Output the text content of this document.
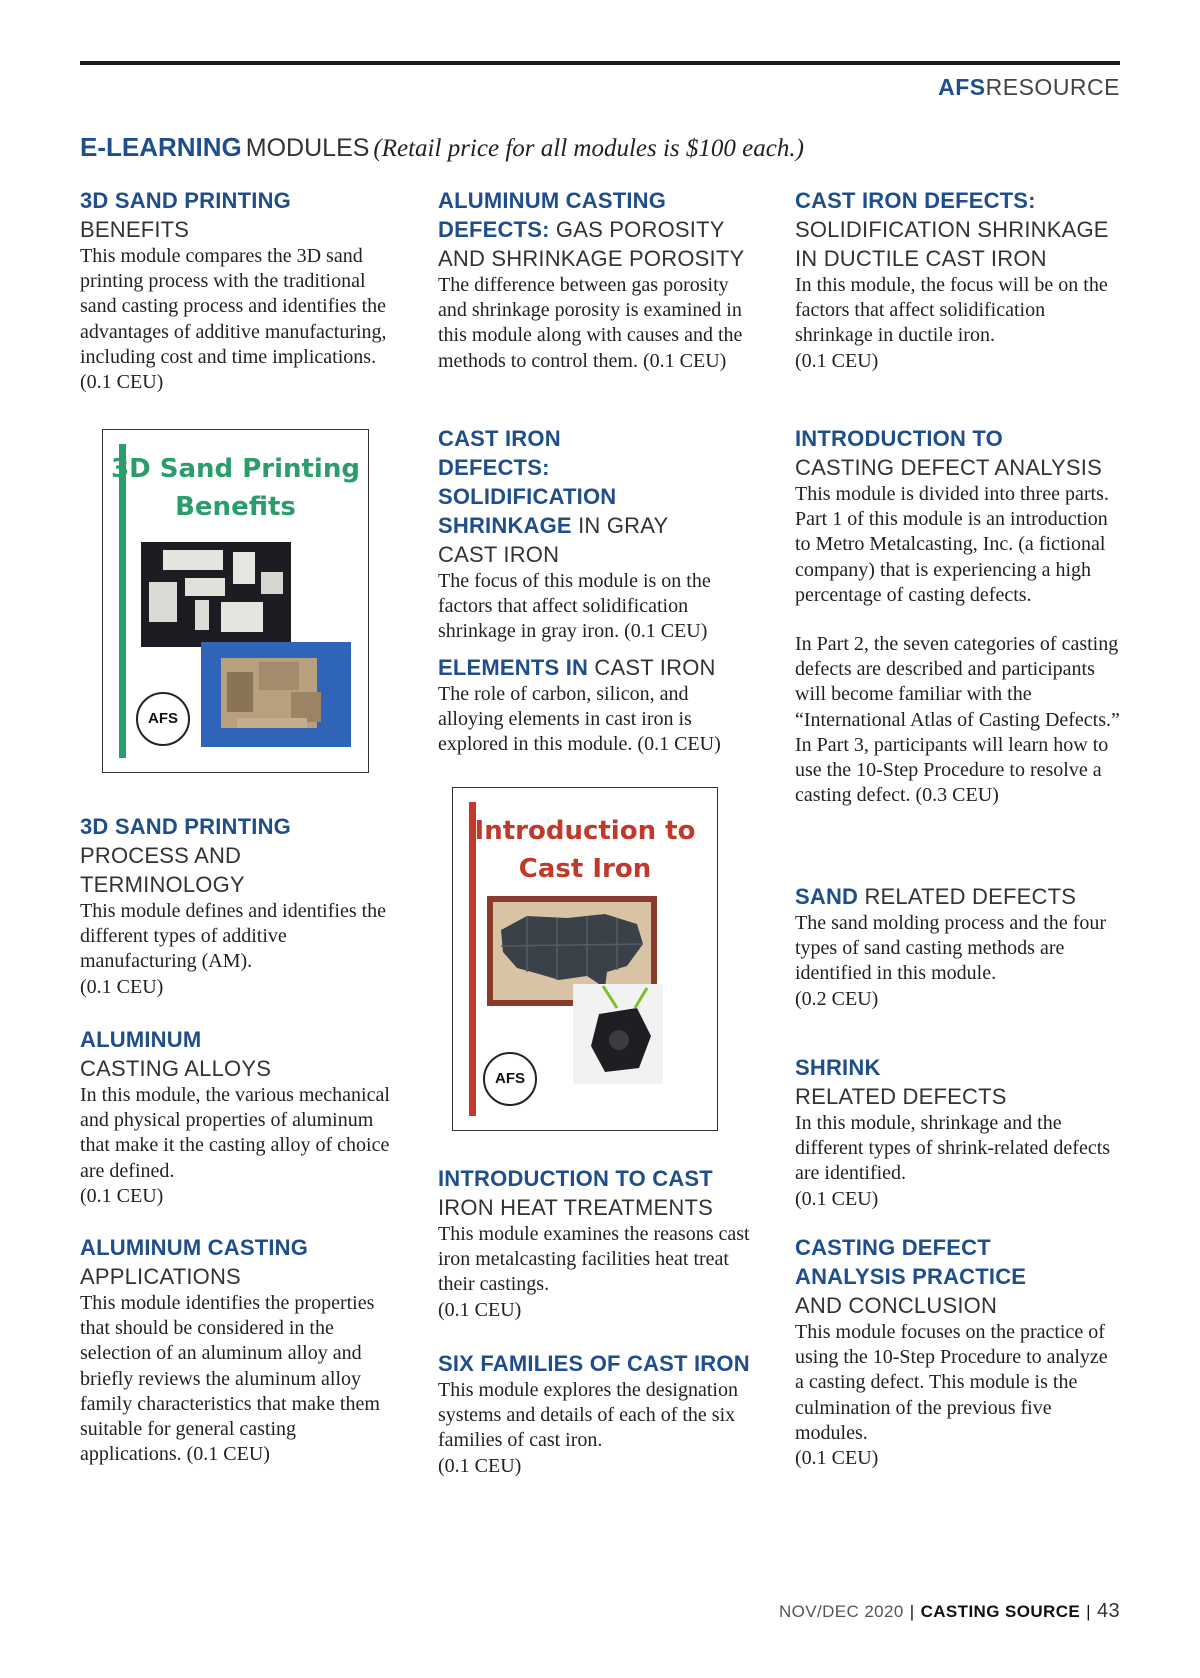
AFSRESOURCE
E-LEARNING MODULES (Retail price for all modules is $100 each.)
3D SAND PRINTING BENEFITS
This module compares the 3D sand printing process with the traditional sand casting process and identifies the advantages of additive manufacturing, including cost and time implications. (0.1 CEU)
3D Sand Printing
Benefits
AFS
3D SAND PRINTING
PROCESS AND TERMINOLOGY
This module defines and identifies the different types of additive manufacturing (AM).
(0.1 CEU)
ALUMINUM
CASTING ALLOYS
In this module, the various mechanical and physical properties of aluminum that make it the casting alloy of choice are defined.
(0.1 CEU)
ALUMINUM CASTING
APPLICATIONS
This module identifies the properties that should be considered in the selection of an aluminum alloy and briefly reviews the aluminum alloy family characteristics that make them suitable for general casting applications. (0.1 CEU)
ALUMINUM CASTING DEFECTS: GAS POROSITY AND SHRINKAGE POROSITY
The difference between gas porosity and shrinkage porosity is examined in this module along with causes and the methods to control them. (0.1 CEU)
CAST IRON DEFECTS: SOLIDIFICATION SHRINKAGE IN GRAY CAST IRON
The focus of this module is on the factors that affect solidification shrinkage in gray iron. (0.1 CEU)
ELEMENTS IN CAST IRON
The role of carbon, silicon, and alloying elements in cast iron is explored in this module. (0.1 CEU)
Introduction to
Cast Iron
AFS
INTRODUCTION TO CAST
IRON HEAT TREATMENTS
This module examines the reasons cast iron metalcasting facilities heat treat their castings.
(0.1 CEU)
SIX FAMILIES OF CAST IRON
This module explores the designation systems and details of each of the six families of cast iron.
(0.1 CEU)
CAST IRON DEFECTS:
SOLIDIFICATION SHRINKAGE IN DUCTILE CAST IRON
In this module, the focus will be on the factors that affect solidification shrinkage in ductile iron.
(0.1 CEU)
INTRODUCTION TO
CASTING DEFECT ANALYSIS
This module is divided into three parts. Part 1 of this module is an introduction to Metro Metalcasting, Inc. (a fictional company) that is experiencing a high percentage of casting defects.
In Part 2, the seven categories of casting defects are described and participants will become familiar with the “International Atlas of Casting Defects.” In Part 3, participants will learn how to use the 10-Step Procedure to resolve a casting defect. (0.3 CEU)
SAND RELATED DEFECTS
The sand molding process and the four types of sand casting methods are identified in this module.
(0.2 CEU)
SHRINK
RELATED DEFECTS
In this module, shrinkage and the different types of shrink-related defects are identified.
(0.1 CEU)
CASTING DEFECT ANALYSIS PRACTICE
AND CONCLUSION
This module focuses on the practice of using the 10-Step Procedure to analyze a casting defect. This module is the culmination of the previous five modules.
(0.1 CEU)
NOV/DEC 2020 | CASTING SOURCE | 43
